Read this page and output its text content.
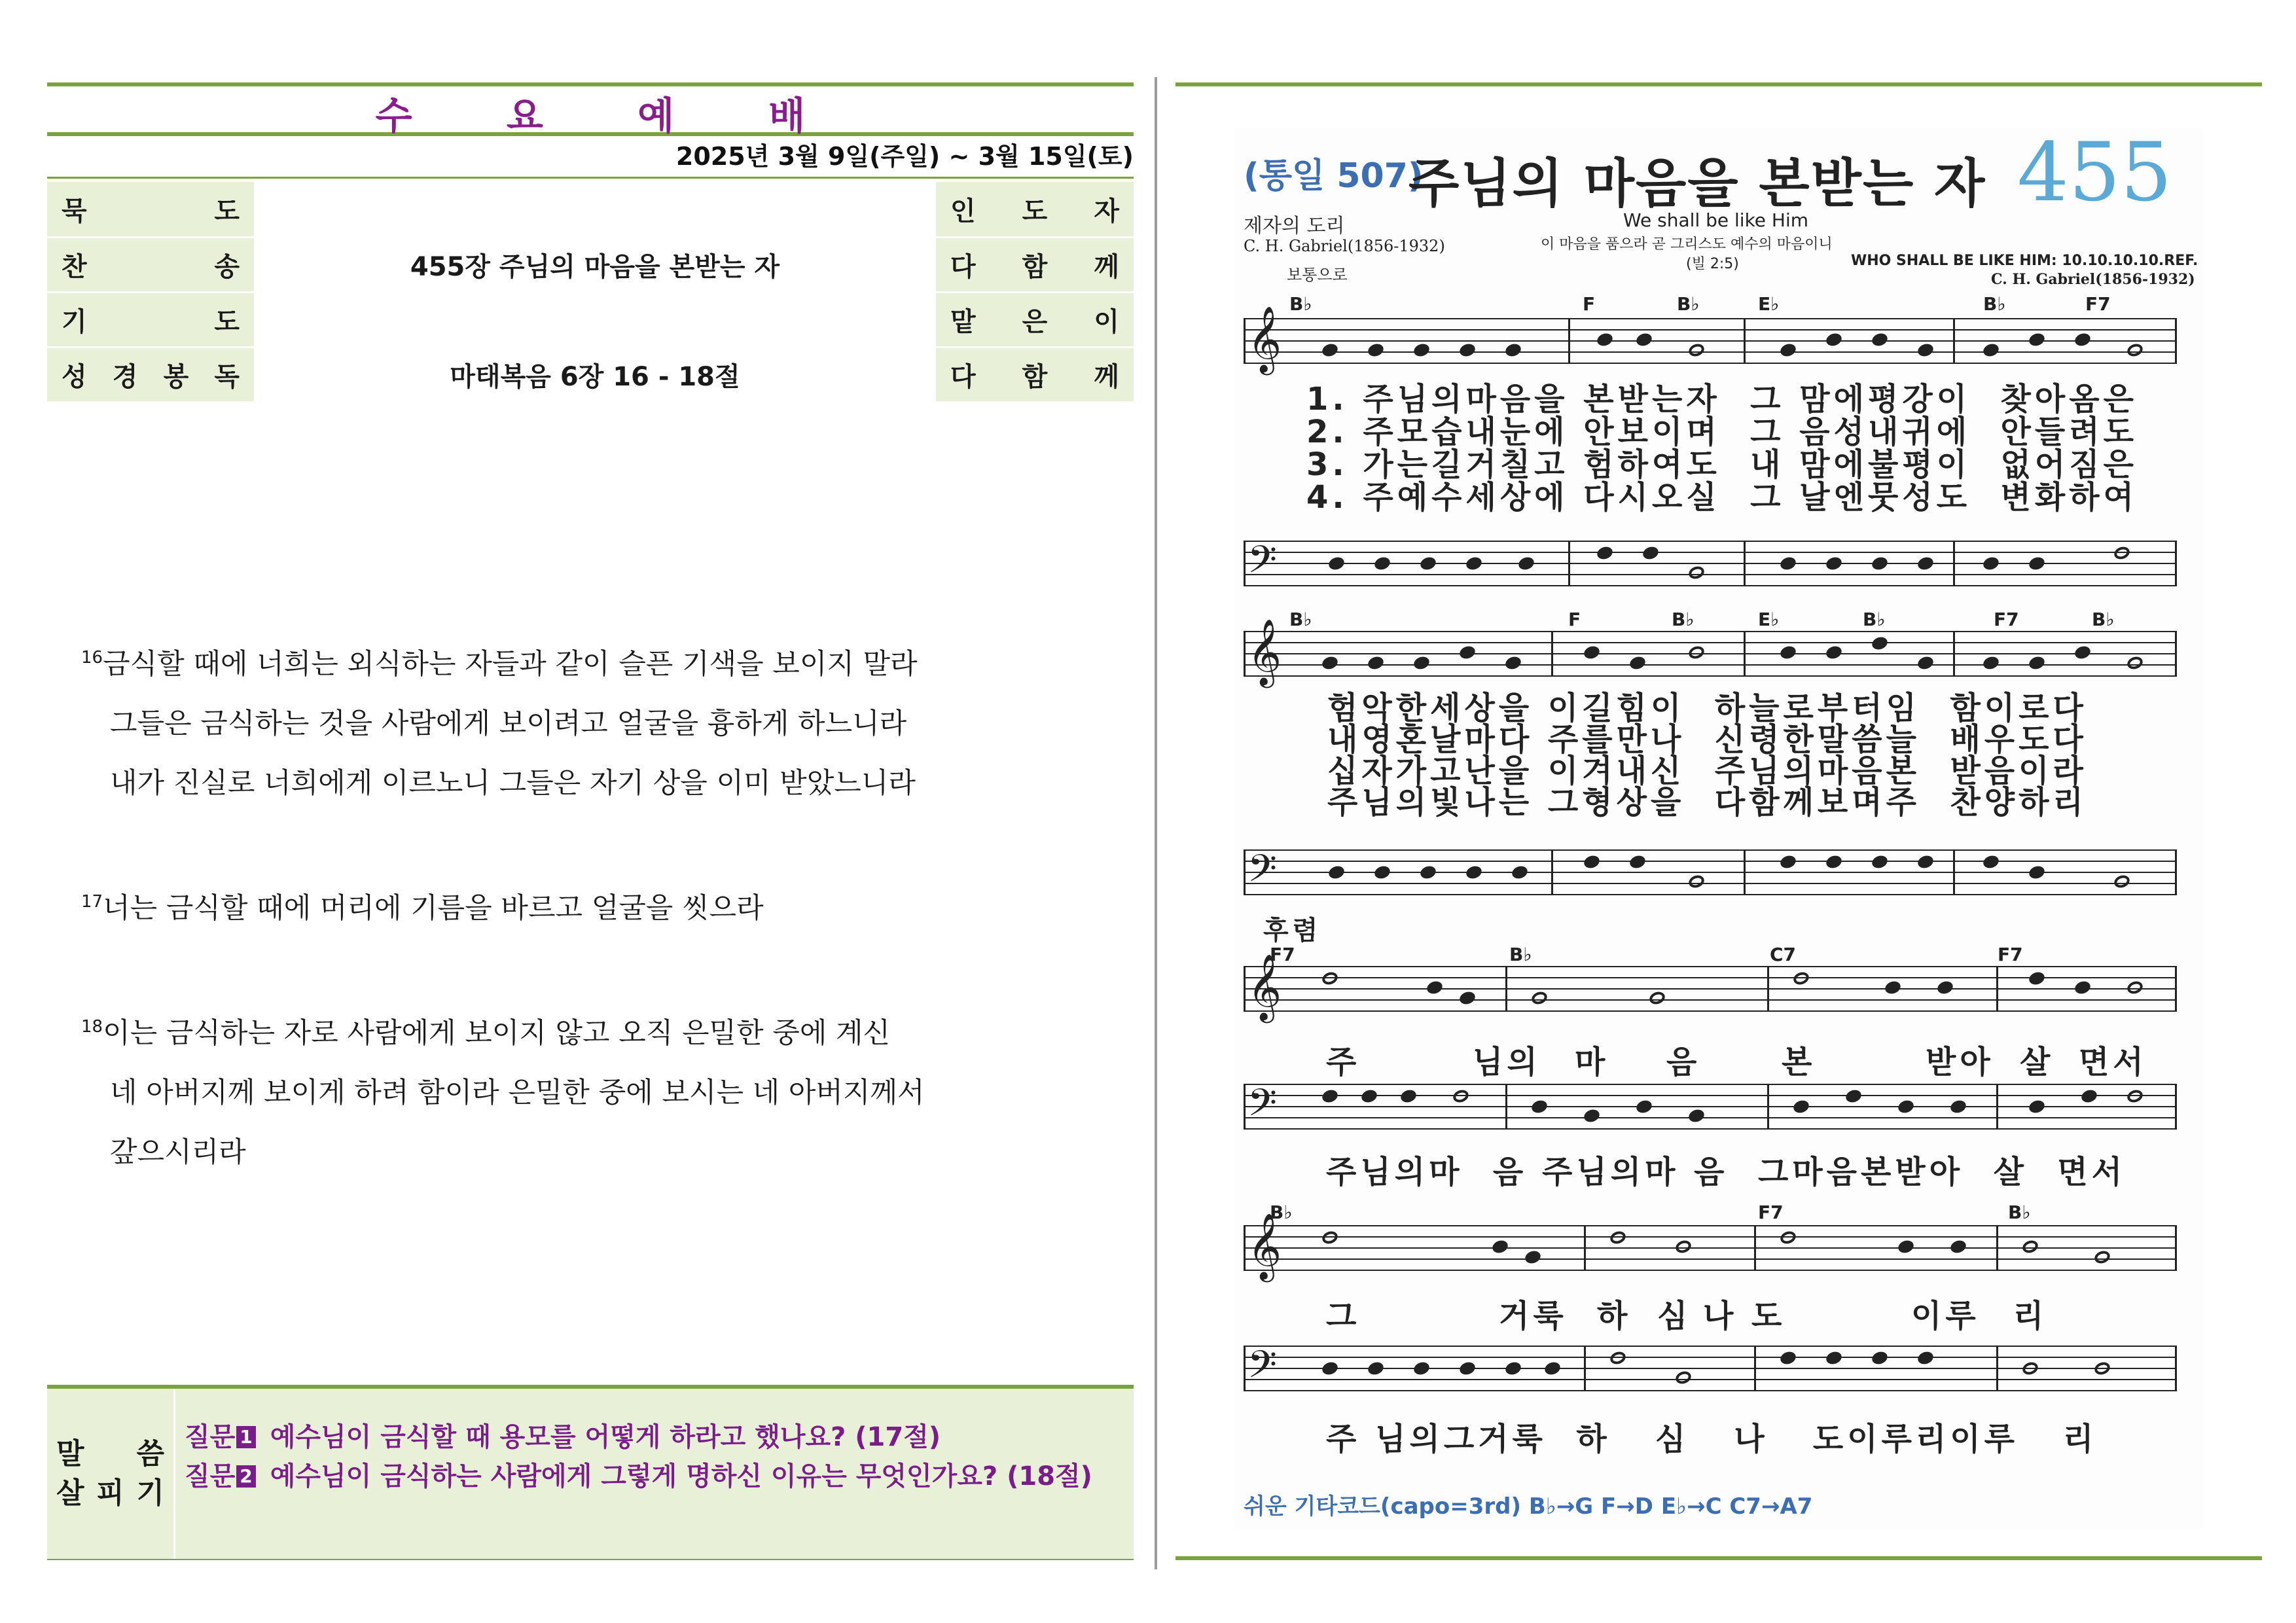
수 요 예 배
2025년 3월 9일(주일) ~ 3월 15일(토)
묵 도		인 도 자

찬 송	455장 주님의 마음을 본받는 자	다 함 께

기 도		맡 은 이

성 경 봉 독	마태복음 6장 16 - 18절	다 함 께
$^{16}$금식할 때에 너희는 외식하는 자들과 같이 슬픈 기색을 보이지 말라
그들은 금식하는 것을 사람에게 보이려고 얼굴을 흉하게 하느니라
내가 진실로 너희에게 이르노니 그들은 자기 상을 이미 받았느니라
$^{17}$너는 금식할 때에 머리에 기름을 바르고 얼굴을 씻으라
$^{18}$이는 금식하는 자로 사람에게 보이지 않고 오직 은밀한 중에 계신
네 아버지께 보이게 하려 함이라 은밀한 중에 보시는 네 아버지께서
갚으시리라
말 씀
살 피 기
질문 1 예수님이 금식할 때 용모를 어떻게 하라고 했나요? (17절)
질문 2 예수님이 금식하는 사람에게 그렇게 명하신 이유는 무엇인가요? (18절)
(통일 507)
주님의 마음을 본받는 자 455
제자의 도리	We shall be like Him
C. H. Gabriel(1856-1932)	이 마음을 품으라 곧 그리스도 예수의 마음이니
(빌 2:5)	WHO SHALL BE LIKE HIM: 10.10.10.10.REF.
보통으로	C. H. Gabriel(1856-1932)
B♭	F	B♭	E♭	B♭	F7
𝄞
1. 주님의마음을 본받는자  그 맘에평강이  찾아옴은
2. 주모습내눈에 안보이며  그 음성내귀에  안들려도
3. 가는길거칠고 험하여도  내 맘에불평이  없어짐은
4. 주예수세상에 다시오실  그 날엔뭇성도  변화하여
𝄢
B♭	F	B♭	E♭	B♭	F7	B♭
𝄞
험악한세상을 이길힘이  하늘로부터임  함이로다
내영혼날마다 주를만나  신령한말씀늘  배우도다
십자가고난을 이겨내신  주님의마음본  받음이라
주님의빛나는 그형상을  다함께보며주  찬양하리
𝄢
후렴
F7	B♭	C7	F7
𝄞
주	님의 마 음	본	받아 살 면서
𝄢
주님의마  음 주님의마 음  그마음본받아  살  면서
B♭	F7	B♭
𝄞
그	거룩 하 심 나 도	이루 리
𝄢
주 님의그거룩  하   심   나   도이루리이루   리
쉬운 기타코드(capo=3rd) B♭→G F→D E♭→C C7→A7
